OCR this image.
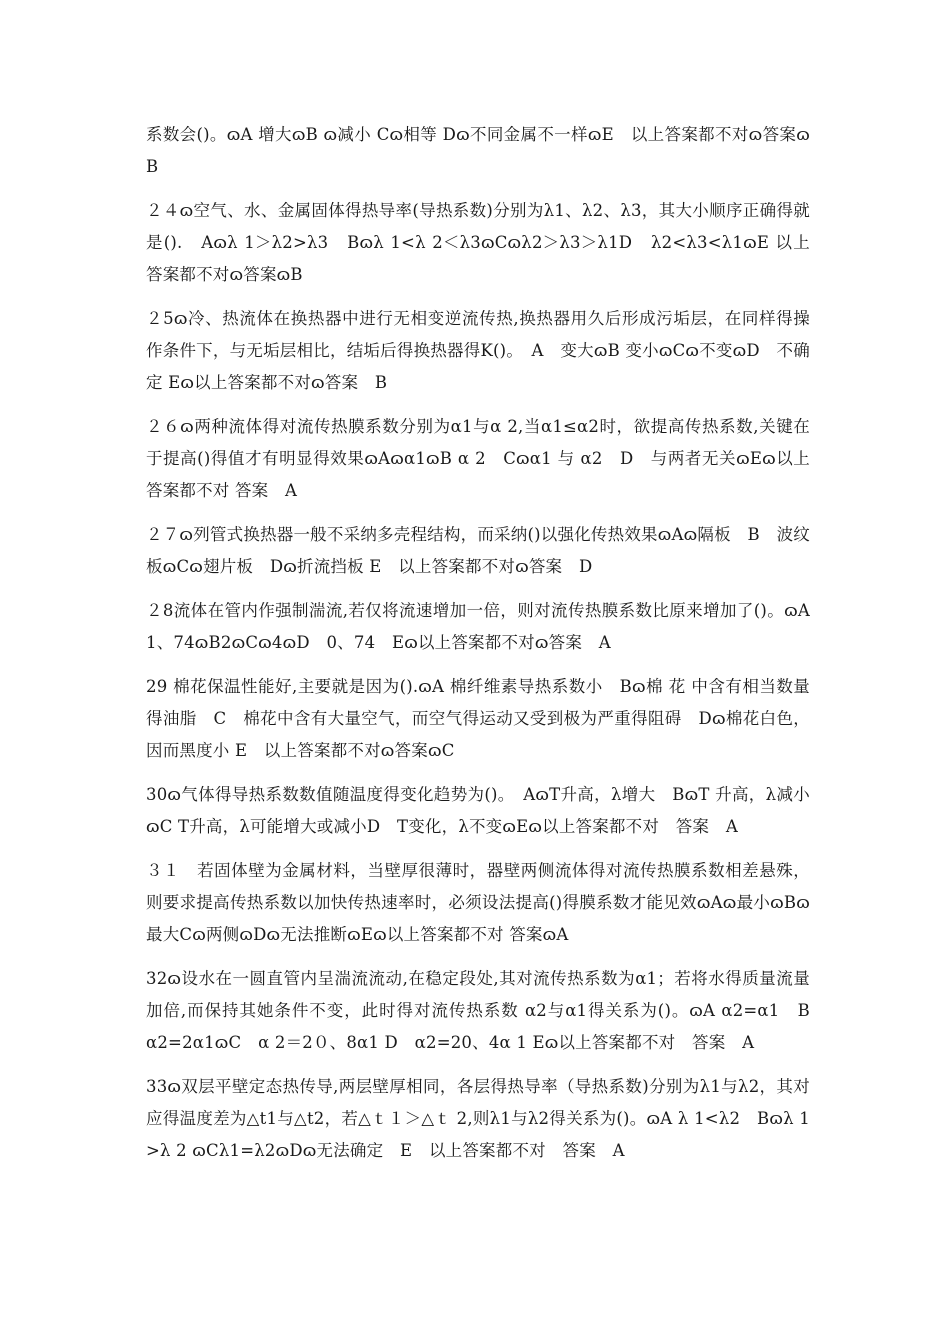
系数会()。ɷA 增大ɷB ɷ减小 Cɷ相等 Dɷ不同金属不一样ɷE　以上答案都不对ɷ答案ɷB

２４ɷ空气、水、金属固体得热导率(导热系数)分别为λ1、λ2、λ3，其大小顺序正确得就是().　Aɷλ 1＞λ2>λ3　Bɷλ 1<λ 2＜λ3ɷCɷλ2＞λ3＞λ1D　λ2<λ3<λ1ɷE 以上答案都不对ɷ答案ɷB

２5ɷ冷、热流体在换热器中进行无相变逆流传热,换热器用久后形成污垢层，在同样得操作条件下，与无垢层相比，结垢后得换热器得K()。　A　变大ɷB 变小ɷCɷ不变ɷD　不确定 Eɷ以上答案都不对ɷ答案　B

２６ɷ两种流体得对流传热膜系数分别为α1与α 2,当α1≤α2时，欲提高传热系数,关键在于提高()得值才有明显得效果ɷAɷα1ɷB α 2　Cɷα1 与 α2　D　与两者无关ɷEɷ以上答案都不对 答案　A

２７ɷ列管式换热器一般不采纳多壳程结构，而采纳()以强化传热效果ɷAɷ隔板　B　波纹板ɷCɷ翅片板　Dɷ折流挡板 E　以上答案都不对ɷ答案　D

２8流体在管内作强制湍流,若仅将流速增加一倍，则对流传热膜系数比原来增加了()。ɷA 1、74ɷB2ɷCɷ4ɷD　0、74　Eɷ以上答案都不对ɷ答案　A

29 棉花保温性能好,主要就是因为().ɷA 棉纤维素导热系数小　Bɷ棉 花 中含有相当数量得油脂　C　棉花中含有大量空气，而空气得运动又受到极为严重得阻碍　Dɷ棉花白色，因而黑度小 E　以上答案都不对ɷ答案ɷC

30ɷ气体得导热系数数值随温度得变化趋势为()。　AɷT升高，λ增大　BɷT 升高，λ减小ɷC T升高，λ可能增大或减小D　T变化，λ不变ɷEɷ以上答案都不对　答案　A

３１　若固体壁为金属材料，当壁厚很薄时，器壁两侧流体得对流传热膜系数相差悬殊，则要求提高传热系数以加快传热速率时，必须设法提高()得膜系数才能见效ɷAɷ最小ɷBɷ最大Cɷ两侧ɷDɷ无法推断ɷEɷ以上答案都不对 答案ɷA

32ɷ设水在一圆直管内呈湍流流动,在稳定段处,其对流传热系数为α1；若将水得质量流量加倍,而保持其她条件不变，此时得对流传热系数 α2与α1得关系为()。ɷA α2=α1　B　α2=2α1ɷC　α 2＝2０、8α1 D　α2=20、4α 1 Eɷ以上答案都不对　答案　A

33ɷ双层平壁定态热传导,两层壁厚相同，各层得热导率（导热系数)分别为λ1与λ2，其对应得温度差为△t1与△t2，若△ｔ１＞△ｔ 2,则λ1与λ2得关系为()。ɷA λ 1<λ2　Bɷλ 1>λ 2 ɷCλ1=λ2ɷDɷ无法确定　E　以上答案都不对　答案　A
